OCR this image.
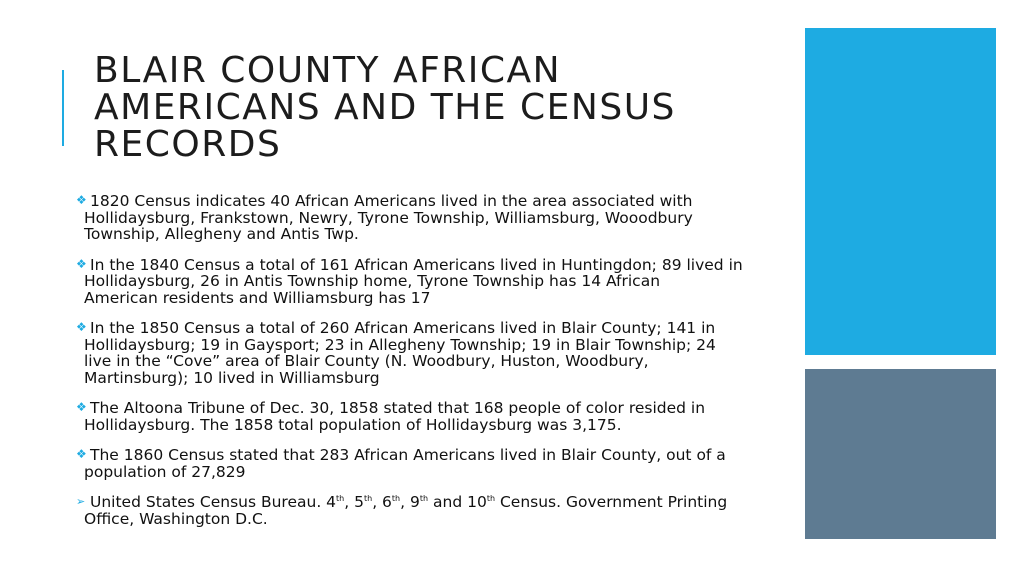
BLAIR COUNTY AFRICAN
AMERICANS AND THE CENSUS
RECORDS
❖ 1820 Census indicates 40 African Americans lived in the area associated with
Hollidaysburg, Frankstown, Newry, Tyrone Township, Williamsburg, Wooodbury
Township, Allegheny and Antis Twp.
❖ In the 1840 Census a total of 161 African Americans lived in Huntingdon; 89 lived in
Hollidaysburg, 26 in Antis Township home, Tyrone Township has 14 African
American residents and Williamsburg has 17
❖ In the 1850 Census a total of 260 African Americans lived in Blair County; 141 in
Hollidaysburg; 19 in Gaysport; 23 in Allegheny Township; 19 in Blair Township; 24
live in the “Cove” area of Blair County (N. Woodbury, Huston, Woodbury,
Martinsburg); 10 lived in Williamsburg
❖ The Altoona Tribune of Dec. 30, 1858 stated that 168 people of color resided in
Hollidaysburg. The 1858 total population of Hollidaysburg was 3,175.
❖ The 1860 Census stated that 283 African Americans lived in Blair County, out of a
population of 27,829
➢ United States Census Bureau. 4th, 5th, 6th, 9th and 10th Census. Government Printing
Office, Washington D.C.
